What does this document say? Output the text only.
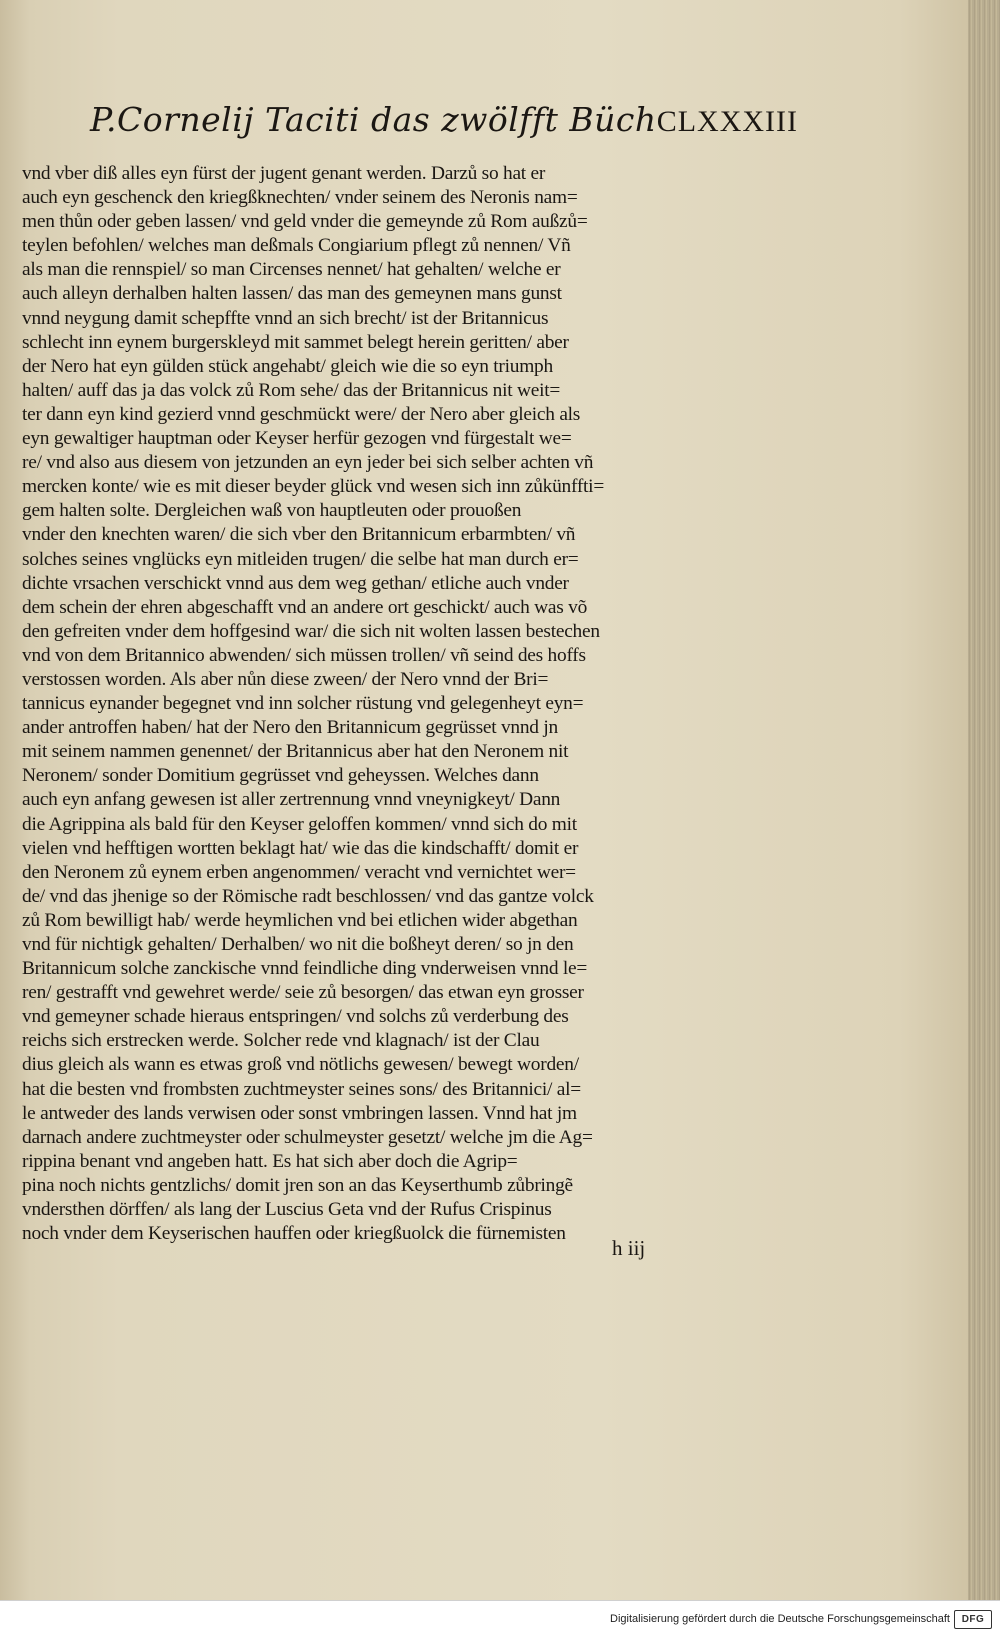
P.Cornelij Taciti das zwölfft Büch CLXXXIII
vnd vber diß alles eyn fürst der jugent genant werden. Darzů so hat er
auch eyn geschenck den kriegßknechten/ vnder seinem des Neronis nam=
men thůn oder geben lassen/ vnd geld vnder die gemeynde zů Rom außzů=
teylen befohlen/ welches man deßmals Congiarium pflegt zů nennen/ Vñ
als man die rennspiel/ so man Circenses nennet/ hat gehalten/ welche er
auch alleyn derhalben halten lassen/ das man des gemeynen mans gunst
vnnd neygung damit schepffte vnnd an sich brecht/ ist der Britannicus
schlecht inn eynem burgerskleyd mit sammet belegt herein geritten/ aber
der Nero hat eyn gülden stück angehabt/ gleich wie die so eyn triumph
halten/ auff das ja das volck zů Rom sehe/ das der Britannicus nit weit=
ter dann eyn kind gezierd vnnd geschmückt were/ der Nero aber gleich als
eyn gewaltiger hauptman oder Keyser herfür gezogen vnd fürgestalt we=
re/ vnd also aus diesem von jetzunden an eyn jeder bei sich selber achten vñ
mercken konte/ wie es mit dieser beyder glück vnd wesen sich inn zůkünffti=
gem halten solte. Dergleichen waß von hauptleuten oder prouoßen
vnder den knechten waren/ die sich vber den Britannicum erbarmbten/ vñ
solches seines vnglücks eyn mitleiden trugen/ die selbe hat man durch er=
dichte vrsachen verschickt vnnd aus dem weg gethan/ etliche auch vnder
dem schein der ehren abgeschafft vnd an andere ort geschickt/ auch was võ
den gefreiten vnder dem hoffgesind war/ die sich nit wolten lassen bestechen
vnd von dem Britannico abwenden/ sich müssen trollen/ vñ seind des hoffs
verstossen worden. Als aber nůn diese zween/ der Nero vnnd der Bri=
tannicus eynander begegnet vnd inn solcher rüstung vnd gelegenheyt eyn=
ander antroffen haben/ hat der Nero den Britannicum gegrüsset vnnd jn
mit seinem nammen genennet/ der Britannicus aber hat den Neronem nit
Neronem/ sonder Domitium gegrüsset vnd geheyssen. Welches dann
auch eyn anfang gewesen ist aller zertrennung vnnd vneynigkeyt/ Dann
die Agrippina als bald für den Keyser geloffen kommen/ vnnd sich do mit
vielen vnd hefftigen wortten beklagt hat/ wie das die kindschafft/ domit er
den Neronem zů eynem erben angenommen/ veracht vnd vernichtet wer=
de/ vnd das jhenige so der Römische radt beschlossen/ vnd das gantze volck
zů Rom bewilligt hab/ werde heymlichen vnd bei etlichen wider abgethan
vnd für nichtigk gehalten/ Derhalben/ wo nit die boßheyt deren/ so jn den
Britannicum solche zanckische vnnd feindliche ding vnderweisen vnnd le=
ren/ gestrafft vnd gewehret werde/ seie zů besorgen/ das etwan eyn grosser
vnd gemeyner schade hieraus entspringen/ vnd solchs zů verderbung des
reichs sich erstrecken werde. Solcher rede vnd klagnach/ ist der Clau
dius gleich als wann es etwas groß vnd nötlichs gewesen/ bewegt worden/
hat die besten vnd frombsten zuchtmeyster seines sons/ des Britannici/ al=
le antweder des lands verwisen oder sonst vmbringen lassen. Vnnd hat jm
darnach andere zuchtmeyster oder schulmeyster gesetzt/ welche jm die Ag=
rippina benant vnd angeben hatt. Es hat sich aber doch die Agrip=
pina noch nichts gentzlichs/ domit jren son an das Keyserthumb zůbringẽ
vndersthen dörffen/ als lang der Luscius Geta vnd der Rufus Crispinus
noch vnder dem Keyserischen hauffen oder kriegßuolck die fürnemisten
h iij
Digitalisierung gefördert durch die Deutsche Forschungsgemeinschaft	DFG
